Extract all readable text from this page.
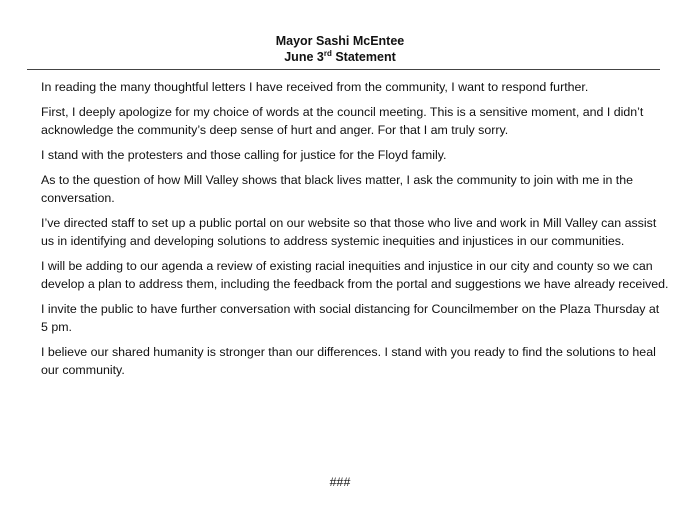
Mayor Sashi McEntee
June 3rd Statement

In reading the many thoughtful letters I have received from the community, I want to respond further.

First, I deeply apologize for my choice of words at the council meeting. This is a sensitive moment, and I didn’t acknowledge the community’s deep sense of hurt and anger. For that I am truly sorry.

I stand with the protesters and those calling for justice for the Floyd family.

As to the question of how Mill Valley shows that black lives matter, I ask the community to join with me in the conversation.

I’ve directed staff to set up a public portal on our website so that those who live and work in Mill Valley can assist us in identifying and developing solutions to address systemic inequities and injustices in our communities.

I will be adding to our agenda a review of existing racial inequities and injustice in our city and county so we can develop a plan to address them, including the feedback from the portal and suggestions we have already received.

I invite the public to have further conversation with social distancing for Councilmember on the Plaza Thursday at 5 pm.

I believe our shared humanity is stronger than our differences. I stand with you ready to find the solutions to heal our community.

###
